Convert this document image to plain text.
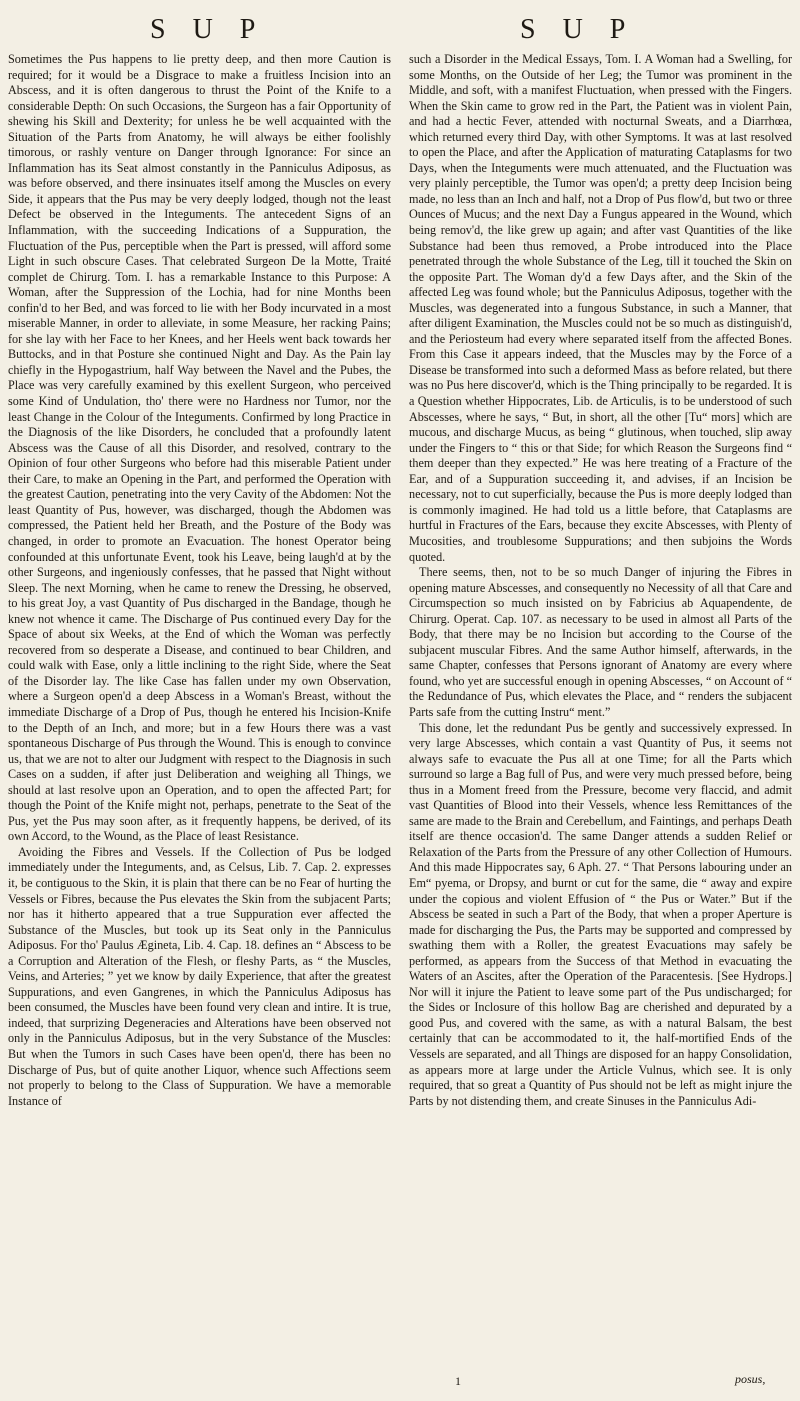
S U P	S U P

Sometimes the Pus happens to lie pretty deep, and then more Caution is required; for it would be a Disgrace to make a fruitless Incision into an Abscess, and it is often dangerous to thrust the Point of the Knife to a considerable Depth: On such Occasions, the Surgeon has a fair Opportunity of shewing his Skill and Dexterity; for unless he be well acquainted with the Situation of the Parts from Anatomy, he will always be either foolishly timorous, or rashly venture on Danger through Ignorance: For since an Inflammation has its Seat almost constantly in the Panniculus Adiposus, as was before observed, and there insinuates itself among the Muscles on every Side, it appears that the Pus may be very deeply lodged, though not the least Defect be observed in the Integuments. The antecedent Signs of an Inflammation, with the succeeding Indications of a Suppuration, the Fluctuation of the Pus, perceptible when the Part is pressed, will afford some Light in such obscure Cases. That celebrated Surgeon De la Motte, Traité complet de Chirurg. Tom. I. has a remarkable Instance to this Purpose: A Woman, after the Suppression of the Lochia, had for nine Months been confin'd to her Bed, and was forced to lie with her Body incurvated in a most miserable Manner, in order to alleviate, in some Measure, her racking Pains; for she lay with her Face to her Knees, and her Heels went back towards her Buttocks, and in that Posture she continued Night and Day. As the Pain lay chiefly in the Hypogastrium, half Way between the Navel and the Pubes, the Place was very carefully examined by this exellent Surgeon, who perceived some Kind of Undulation, tho' there were no Hardness nor Tumor, nor the least Change in the Colour of the Integuments. Confirmed by long Practice in the Diagnosis of the like Disorders, he concluded that a profoundly latent Abscess was the Cause of all this Disorder, and resolved, contrary to the Opinion of four other Surgeons who before had this miserable Patient under their Care, to make an Opening in the Part, and performed the Operation with the greatest Caution, penetrating into the very Cavity of the Abdomen: Not the least Quantity of Pus, however, was discharged, though the Abdomen was compressed, the Patient held her Breath, and the Posture of the Body was changed, in order to promote an Evacuation. The honest Operator being confounded at this unfortunate Event, took his Leave, being laugh'd at by the other Surgeons, and ingeniously confesses, that he passed that Night without Sleep. The next Morning, when he came to renew the Dressing, he observed, to his great Joy, a vast Quantity of Pus discharged in the Bandage, though he knew not whence it came. The Discharge of Pus continued every Day for the Space of about six Weeks, at the End of which the Woman was perfectly recovered from so desperate a Disease, and continued to bear Children, and could walk with Ease, only a little inclining to the right Side, where the Seat of the Disorder lay. The like Case has fallen under my own Observation, where a Surgeon open'd a deep Abscess in a Woman's Breast, without the immediate Discharge of a Drop of Pus, though he entered his Incision-Knife to the Depth of an Inch, and more; but in a few Hours there was a vast spontaneous Discharge of Pus through the Wound. This is enough to convince us, that we are not to alter our Judgment with respect to the Diagnosis in such Cases on a sudden, if after just Deliberation and weighing all Things, we should at last resolve upon an Operation, and to open the affected Part; for though the Point of the Knife might not, perhaps, penetrate to the Seat of the Pus, yet the Pus may soon after, as it frequently happens, be derived, of its own Accord, to the Wound, as the Place of least Resistance.

Avoiding the Fibres and Vessels. If the Collection of Pus be lodged immediately under the Integuments, and, as Celsus, Lib. 7. Cap. 2. expresses it, be contiguous to the Skin, it is plain that there can be no Fear of hurting the Vessels or Fibres, because the Pus elevates the Skin from the subjacent Parts; nor has it hitherto appeared that a true Suppuration ever affected the Substance of the Muscles, but took up its Seat only in the Panniculus Adiposus. For tho' Paulus Ægineta, Lib. 4. Cap. 18. defines an “ Abscess to be a Corruption and Alteration of the Flesh, or fleshy Parts, as “ the Muscles, Veins, and Arteries; ” yet we know by daily Experience, that after the greatest Suppurations, and even Gangrenes, in which the Panniculus Adiposus has been consumed, the Muscles have been found very clean and intire. It is true, indeed, that surprizing Degeneracies and Alterations have been observed not only in the Panniculus Adiposus, but in the very Substance of the Muscles: But when the Tumors in such Cases have been open'd, there has been no Discharge of Pus, but of quite another Liquor, whence such Affections seem not properly to belong to the Class of Suppuration. We have a memorable Instance of

such a Disorder in the Medical Essays, Tom. I. A Woman had a Swelling, for some Months, on the Outside of her Leg; the Tumor was prominent in the Middle, and soft, with a manifest Fluctuation, when pressed with the Fingers. When the Skin came to grow red in the Part, the Patient was in violent Pain, and had a hectic Fever, attended with nocturnal Sweats, and a Diarrhœa, which returned every third Day, with other Symptoms. It was at last resolved to open the Place, and after the Application of maturating Cataplasms for two Days, when the Integuments were much attenuated, and the Fluctuation was very plainly perceptible, the Tumor was open'd; a pretty deep Incision being made, no less than an Inch and half, not a Drop of Pus flow'd, but two or three Ounces of Mucus; and the next Day a Fungus appeared in the Wound, which being remov'd, the like grew up again; and after vast Quantities of the like Substance had been thus removed, a Probe introduced into the Place penetrated through the whole Substance of the Leg, till it touched the Skin on the opposite Part. The Woman dy'd a few Days after, and the Skin of the affected Leg was found whole; but the Panniculus Adiposus, together with the Muscles, was degenerated into a fungous Substance, in such a Manner, that after diligent Examination, the Muscles could not be so much as distinguish'd, and the Periosteum had every where separated itself from the affected Bones. From this Case it appears indeed, that the Muscles may by the Force of a Disease be transformed into such a deformed Mass as before related, but there was no Pus here discover'd, which is the Thing principally to be regarded. It is a Question whether Hippocrates, Lib. de Articulis, is to be understood of such Abscesses, where he says, “ But, in short, all the other [Tu“ mors] which are mucous, and discharge Mucus, as being “ glutinous, when touched, slip away under the Fingers to “ this or that Side; for which Reason the Surgeons find “ them deeper than they expected.” He was here treating of a Fracture of the Ear, and of a Suppuration succeeding it, and advises, if an Incision be necessary, not to cut superficially, because the Pus is more deeply lodged than is commonly imagined. He had told us a little before, that Cataplasms are hurtful in Fractures of the Ears, because they excite Abscesses, with Plenty of Mucosities, and troublesome Suppurations; and then subjoins the Words quoted.

There seems, then, not to be so much Danger of injuring the Fibres in opening mature Abscesses, and consequently no Necessity of all that Care and Circumspection so much insisted on by Fabricius ab Aquapendente, de Chirurg. Operat. Cap. 107. as necessary to be used in almost all Parts of the Body, that there may be no Incision but according to the Course of the subjacent muscular Fibres. And the same Author himself, afterwards, in the same Chapter, confesses that Persons ignorant of Anatomy are every where found, who yet are successful enough in opening Abscesses, “ on Account of “ the Redundance of Pus, which elevates the Place, and “ renders the subjacent Parts safe from the cutting Instru“ ment.”

This done, let the redundant Pus be gently and successively expressed. In very large Abscesses, which contain a vast Quantity of Pus, it seems not always safe to evacuate the Pus all at one Time; for all the Parts which surround so large a Bag full of Pus, and were very much pressed before, being thus in a Moment freed from the Pressure, become very flaccid, and admit vast Quantities of Blood into their Vessels, whence less Remittances of the same are made to the Brain and Cerebellum, and Faintings, and perhaps Death itself are thence occasion'd. The same Danger attends a sudden Relief or Relaxation of the Parts from the Pressure of any other Collection of Humours. And this made Hippocrates say, 6 Aph. 27. “ That Persons labouring under an Em“ pyema, or Dropsy, and burnt or cut for the same, die “ away and expire under the copious and violent Effusion of “ the Pus or Water.” But if the Abscess be seated in such a Part of the Body, that when a proper Aperture is made for discharging the Pus, the Parts may be supported and compressed by swathing them with a Roller, the greatest Evacuations may safely be performed, as appears from the Success of that Method in evacuating the Waters of an Ascites, after the Operation of the Paracentesis. [See Hydrops.] Nor will it injure the Patient to leave some part of the Pus undischarged; for the Sides or Inclosure of this hollow Bag are cherished and depurated by a good Pus, and covered with the same, as with a natural Balsam, the best certainly that can be accommodated to it, the half-mortified Ends of the Vessels are separated, and all Things are disposed for an happy Consolidation, as appears more at large under the Article Vulnus, which see. It is only required, that so great a Quantity of Pus should not be left as might injure the Parts by not distending them, and create Sinuses in the Panniculus Adi-

1	posus,
